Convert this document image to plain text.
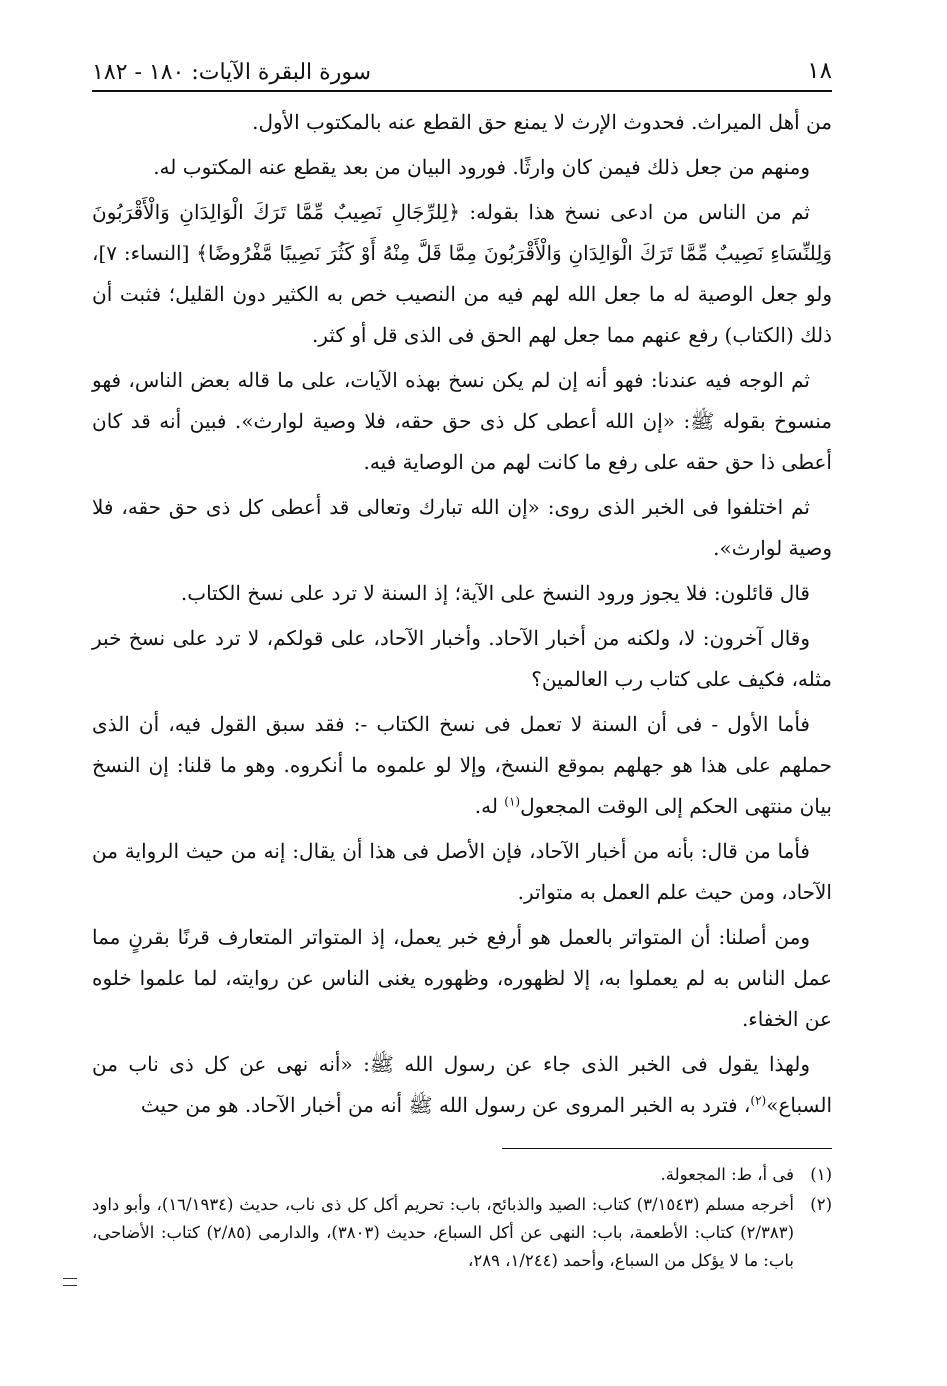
١٨
سورة البقرة الآيات: ١٨٠ - ١٨٢

من أهل الميراث. فحدوث الإرث لا يمنع حق القطع عنه بالمكتوب الأول.

ومنهم من جعل ذلك فيمن كان وارثًا. فورود البيان من بعد يقطع عنه المكتوب له.

ثم من الناس من ادعى نسخ هذا بقوله: ﴿لِلرِّجَالِ نَصِيبٌ مِّمَّا تَرَكَ الْوَالِدَانِ وَالْأَقْرَبُونَ وَلِلنِّسَاءِ نَصِيبٌ مِّمَّا تَرَكَ الْوَالِدَانِ وَالْأَقْرَبُونَ مِمَّا قَلَّ مِنْهُ أَوْ كَثُرَ نَصِيبًا مَّفْرُوضًا﴾ [النساء: ٧]، ولو جعل الوصية له ما جعل الله لهم فيه من النصيب خص به الكثير دون القليل؛ فثبت أن ذلك (الكتاب) رفع عنهم مما جعل لهم الحق فى الذى قل أو كثر.

ثم الوجه فيه عندنا: فهو أنه إن لم يكن نسخ بهذه الآيات، على ما قاله بعض الناس، فهو منسوخ بقوله ﷺ: «إن الله أعطى كل ذى حق حقه، فلا وصية لوارث». فبين أنه قد كان أعطى ذا حق حقه على رفع ما كانت لهم من الوصاية فيه.

ثم اختلفوا فى الخبر الذى روى: «إن الله تبارك وتعالى قد أعطى كل ذى حق حقه، فلا وصية لوارث».

قال قائلون: فلا يجوز ورود النسخ على الآية؛ إذ السنة لا ترد على نسخ الكتاب.

وقال آخرون: لا، ولكنه من أخبار الآحاد. وأخبار الآحاد، على قولكم، لا ترد على نسخ خبر مثله، فكيف على كتاب رب العالمين؟

فأما الأول - فى أن السنة لا تعمل فى نسخ الكتاب -: فقد سبق القول فيه، أن الذى حملهم على هذا هو جهلهم بموقع النسخ، وإلا لو علموه ما أنكروه. وهو ما قلنا: إن النسخ بيان منتهى الحكم إلى الوقت المجعول$^{(١)}$ له.

فأما من قال: بأنه من أخبار الآحاد، فإن الأصل فى هذا أن يقال: إنه من حيث الرواية من الآحاد، ومن حيث علم العمل به متواتر.

ومن أصلنا: أن المتواتر بالعمل هو أرفع خبر يعمل، إذ المتواتر المتعارف قرنًا بقرنٍ مما عمل الناس به لم يعملوا به، إلا لظهوره، وظهوره يغنى الناس عن روايته، لما علموا خلوه عن الخفاء.

ولهذا يقول فى الخبر الذى جاء عن رسول الله ﷺ: «أنه نهى عن كل ذى ناب من السباع»$^{(٢)}$، فترد به الخبر المروى عن رسول الله ﷺ أنه من أخبار الآحاد. هو من حيث

(١)
فى أ، ط: المجعولة.
(٢)
أخرجه مسلم (٣/١٥٤٣) كتاب: الصيد والذبائح، باب: تحريم أكل كل ذى ناب، حديث (١٦/١٩٣٤)، وأبو داود (٢/٣٨٣) كتاب: الأطعمة، باب: النهى عن أكل السباع، حديث (٣٨٠٣)، والدارمى (٢/٨٥) كتاب: الأضاحى، باب: ما لا يؤكل من السباع، وأحمد (١/٢٤٤، ٢٨٩،
